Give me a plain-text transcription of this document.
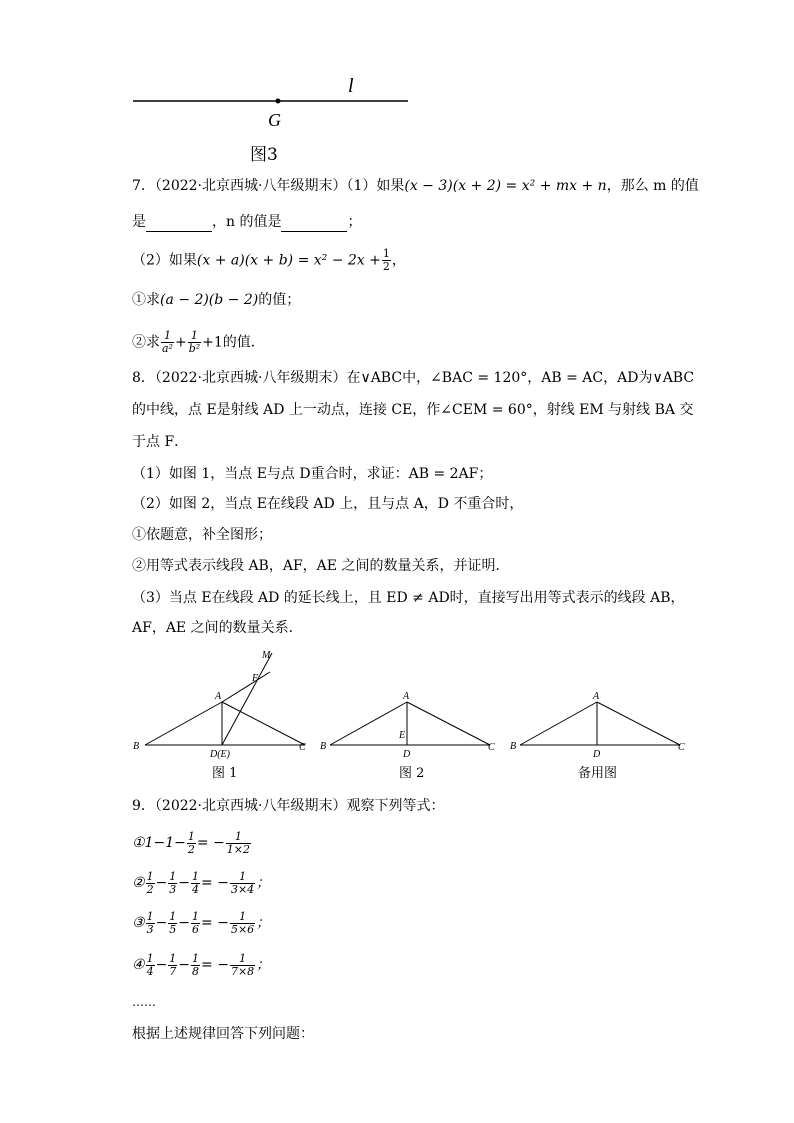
l
G
图3
7．（2022·北京西城·八年级期末）（1）如果(x − 3)(x + 2) = x² + mx + n，那么 m 的值
是	，n 的值是	；
（2）如果$(x + a)(x + b) = x^2 - 2x + \frac{1}{2}$ ，
①求(a − 2)(b − 2)的值；
②求 $\frac{1}{\text{a²}} + \frac{1}{\text{b²}} +1$的值．
8．（2022·北京西城·八年级期末）在∨ABC中，∠BAC = 120°，AB = AC，AD为∨ABC
的中线，点 E是射线 AD 上一动点，连接 CE，作∠CEM = 60°，射线 EM 与射线 BA 交
于点 F．
（1）如图 1，当点 E与点 D重合时，求证：AB = 2AF；
（2）如图 2，当点 E在线段 AD 上，且与点 A，D 不重合时，
①依题意，补全图形；
②用等式表示线段 AB，AF，AE 之间的数量关系，并证明．
（3）当点 E在线段 AD 的延长线上，且 ED ≠ AD时，直接写出用等式表示的线段 AB，
AF，AE 之间的数量关系．
M
F
A
B	C
D(E)
图 1
A
E
B	C
D
图 2
A
B	C
D
备用图
9．（2022·北京西城·八年级期末）观察下列等式：
①1−1− $\frac{1}{2}$ = − $\frac{1}{1\times 2}$
② $\frac{1}{2} - \frac{1}{3} - \frac{1}{4}$ = − $\frac{1}{3\times 4}$ ；
③ $\frac{1}{3} - \frac{1}{5} - \frac{1}{6}$ = − $\frac{1}{5\times 6}$ ；
④ $\frac{1}{4} - \frac{1}{7} - \frac{1}{8}$ = − $\frac{1}{7\times 8}$ ；
……
根据上述规律回答下列问题：
